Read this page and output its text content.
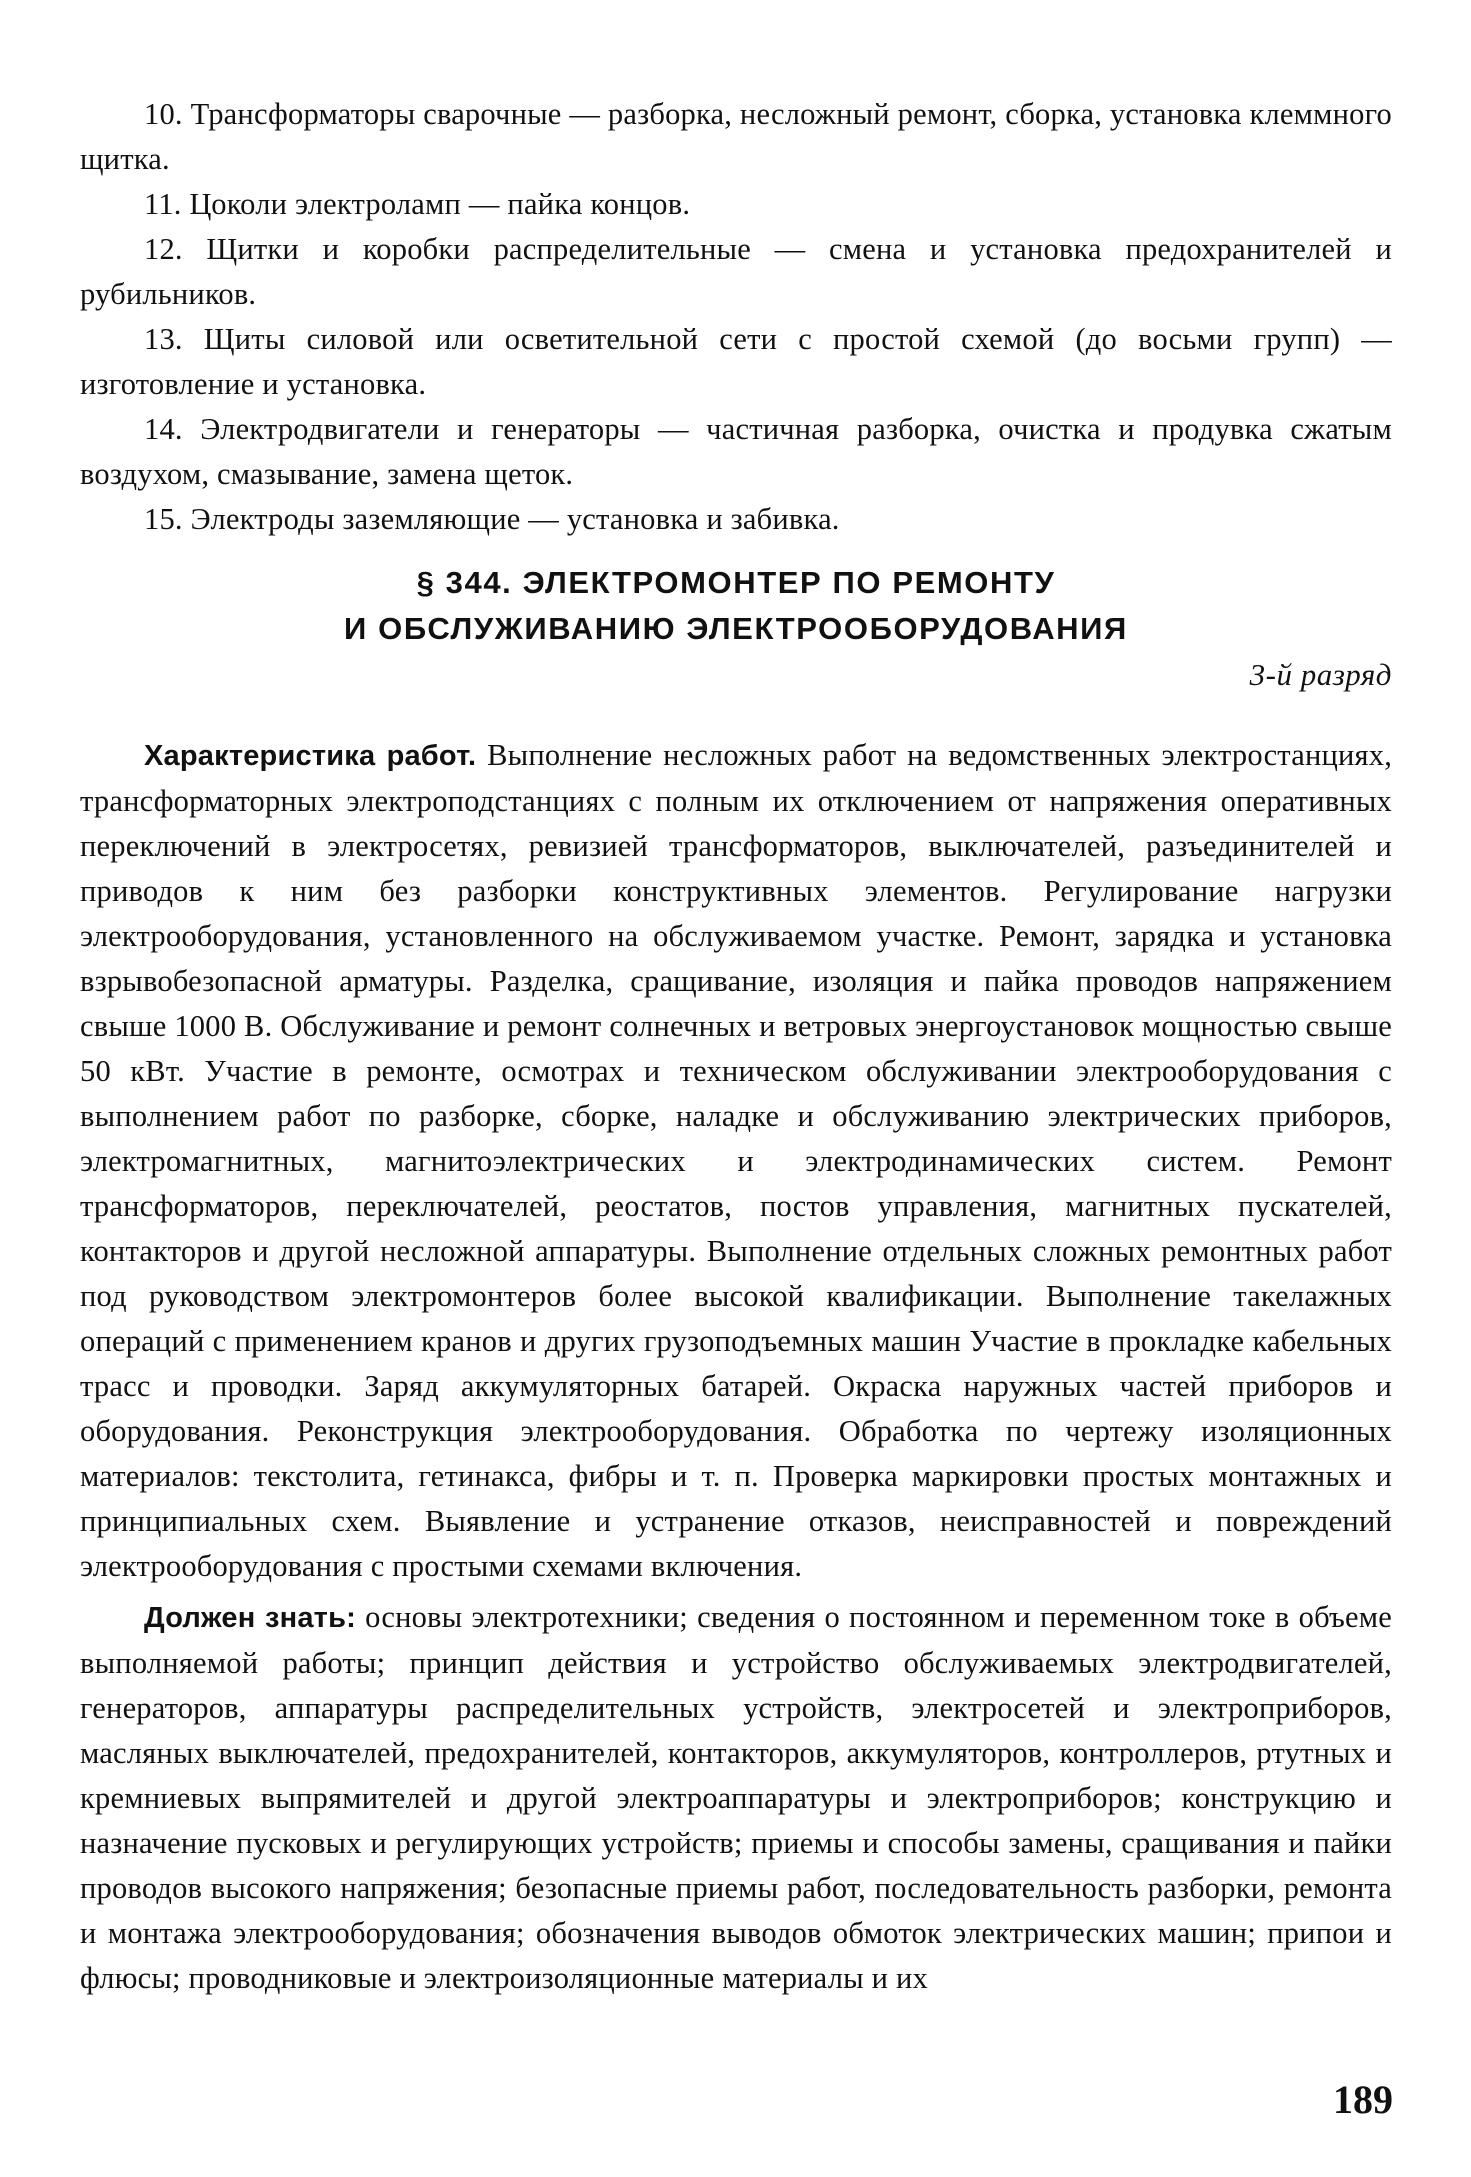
10. Трансформаторы сварочные — разборка, несложный ремонт, сборка, установка клеммного щитка.

11. Цоколи электроламп — пайка концов.

12. Щитки и коробки распределительные — смена и установка предохранителей и рубильников.

13. Щиты силовой или осветительной сети с простой схемой (до восьми групп) — изготовление и установка.

14. Электродвигатели и генераторы — частичная разборка, очистка и продувка сжатым воздухом, смазывание, замена щеток.

15. Электроды заземляющие — установка и забивка.

§ 344. ЭЛЕКТРОМОНТЕР ПО РЕМОНТУ
И ОБСЛУЖИВАНИЮ ЭЛЕКТРООБОРУДОВАНИЯ
3-й разряд

Характеристика работ. Выполнение несложных работ на ведомственных электростанциях, трансформаторных электроподстанциях с полным их отключением от напряжения оперативных переключений в электросетях, ревизией трансформаторов, выключателей, разъединителей и приводов к ним без разборки конструктивных элементов. Регулирование нагрузки электрооборудования, установленного на обслуживаемом участке. Ремонт, зарядка и установка взрывобезопасной арматуры. Разделка, сращивание, изоляция и пайка проводов напряжением свыше 1000 В. Обслуживание и ремонт солнечных и ветровых энергоустановок мощностью свыше 50 кВт. Участие в ремонте, осмотрах и техническом обслуживании электрооборудования с выполнением работ по разборке, сборке, наладке и обслуживанию электрических приборов, электромагнитных, магнитоэлектрических и электродинамических систем. Ремонт трансформаторов, переключателей, реостатов, постов управления, магнитных пускателей, контакторов и другой несложной аппаратуры. Выполнение отдельных сложных ремонтных работ под руководством электромонтеров более высокой квалификации. Выполнение такелажных операций с применением кранов и других грузоподъемных машин Участие в прокладке кабельных трасс и проводки. Заряд аккумуляторных батарей. Окраска наружных частей приборов и оборудования. Реконструкция электрооборудования. Обработка по чертежу изоляционных материалов: текстолита, гетинакса, фибры и т. п. Проверка маркировки простых монтажных и принципиальных схем. Выявление и устранение отказов, неисправностей и повреждений электрооборудования с простыми схемами включения.

Должен знать: основы электротехники; сведения о постоянном и переменном токе в объеме выполняемой работы; принцип действия и устройство обслуживаемых электродвигателей, генераторов, аппаратуры распределительных устройств, электросетей и электроприборов, масляных выключателей, предохранителей, контакторов, аккумуляторов, контроллеров, ртутных и кремниевых выпрямителей и другой электроаппаратуры и электроприборов; конструкцию и назначение пусковых и регулирующих устройств; приемы и способы замены, сращивания и пайки проводов высокого напряжения; безопасные приемы работ, последовательность разборки, ремонта и монтажа электрооборудования; обозначения выводов обмоток электрических машин; припои и флюсы; проводниковые и электроизоляционные материалы и их

189
